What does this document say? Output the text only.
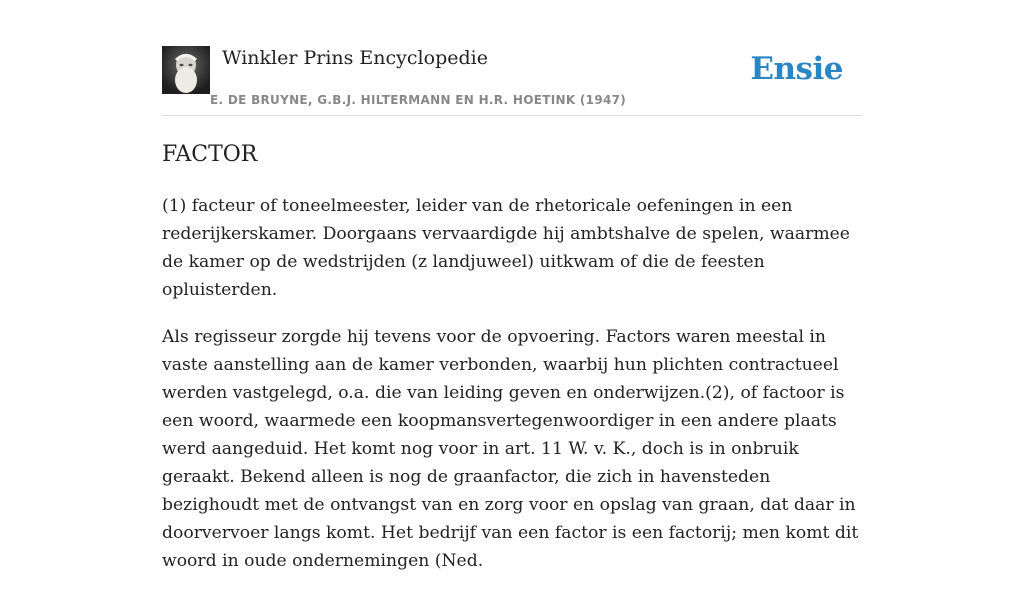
Winkler Prins Encyclopedie
E. DE BRUYNE, G.B.J. HILTERMANN EN H.R. HOETINK (1947)
Ensie
FACTOR

(1) facteur of toneelmeester, leider van de rhetoricale oefeningen in een rederijkerskamer. Doorgaans vervaardigde hij ambtshalve de spelen, waarmee de kamer op de wedstrijden (z landjuweel) uitkwam of die de feesten opluisterden.

Als regisseur zorgde hij tevens voor de opvoering. Factors waren meestal in vaste aanstelling aan de kamer verbonden, waarbij hun plichten contractueel werden vastgelegd, o.a. die van leiding geven en onderwijzen.(2), of factoor is een woord, waarmede een koopmansvertegenwoordiger in een andere plaats werd aangeduid. Het komt nog voor in art. 11 W. v. K., doch is in onbruik geraakt. Bekend alleen is nog de graanfactor, die zich in havensteden bezighoudt met de ontvangst van en zorg voor en opslag van graan, dat daar in doorvervoer langs komt. Het bedrijf van een factor is een factorij; men komt dit woord in oude ondernemingen (Ned.
